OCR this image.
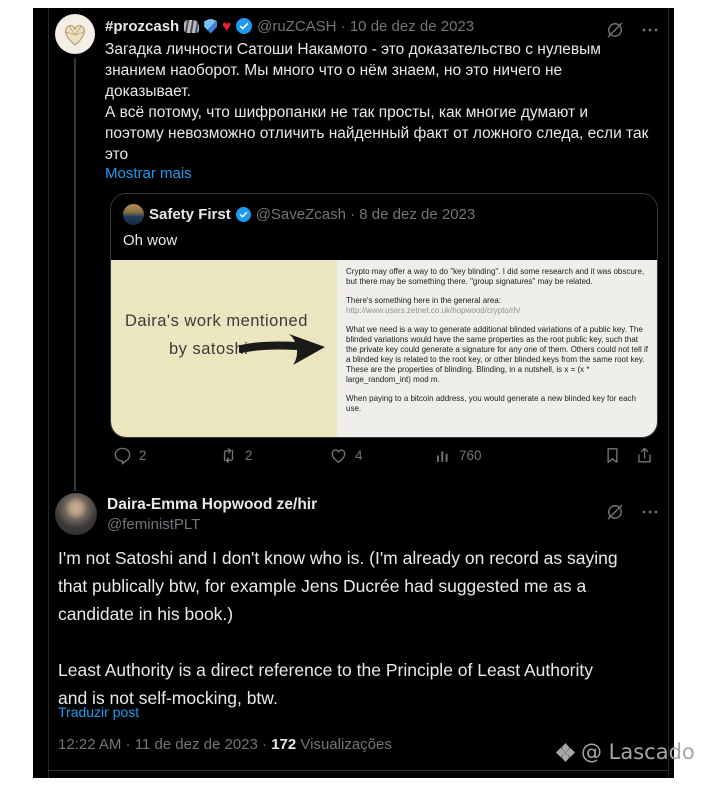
#prozcash	♥ @ruZCASH · 10 de dez de 2023
Загадка личности Сатоши Накамото - это доказательство с нулевым
знанием наоборот. Мы много что о нём знаем, но это ничего не
доказывает.
А всё потому, что шифропанки не так просты, как многие думают и
поэтому невозможно отличить найденный факт от ложного следа, если так
это
Mostrar mais
Safety First @SaveZcash · 8 de dez de 2023
Oh wow
Daira's work mentioned
by satoshi

Crypto may offer a way to do "key blinding". I did some research and it was obscure, but there may be something there. "group signatures" may be related.

There's something here in the general area:
http://www.users.zetnet.co.uk/hopwood/crypto/rh/

What we need is a way to generate additional blinded variations of a public key. The blinded variations would have the same properties as the root public key, such that the private key could generate a signature for any one of them. Others could not tell if a blinded key is related to the root key, or other blinded keys from the same root key. These are the properties of blinding. Blinding, in a nutshell, is x = (x * large_random_int) mod m.

When paying to a bitcoin address, you would generate a new blinded key for each use.

2	2	4	760
Daira-Emma Hopwood ze/hir
@feministPLT
I'm not Satoshi and I don't know who is. (I'm already on record as saying
that publically btw, for example Jens Ducrée had suggested me as a
candidate in his book.)
Least Authority is a direct reference to the Principle of Least Authority
and is not self-mocking, btw.
Traduzir post
12:22 AM · 11 de dez de 2023 · 172 Visualizações	@ Lascado
